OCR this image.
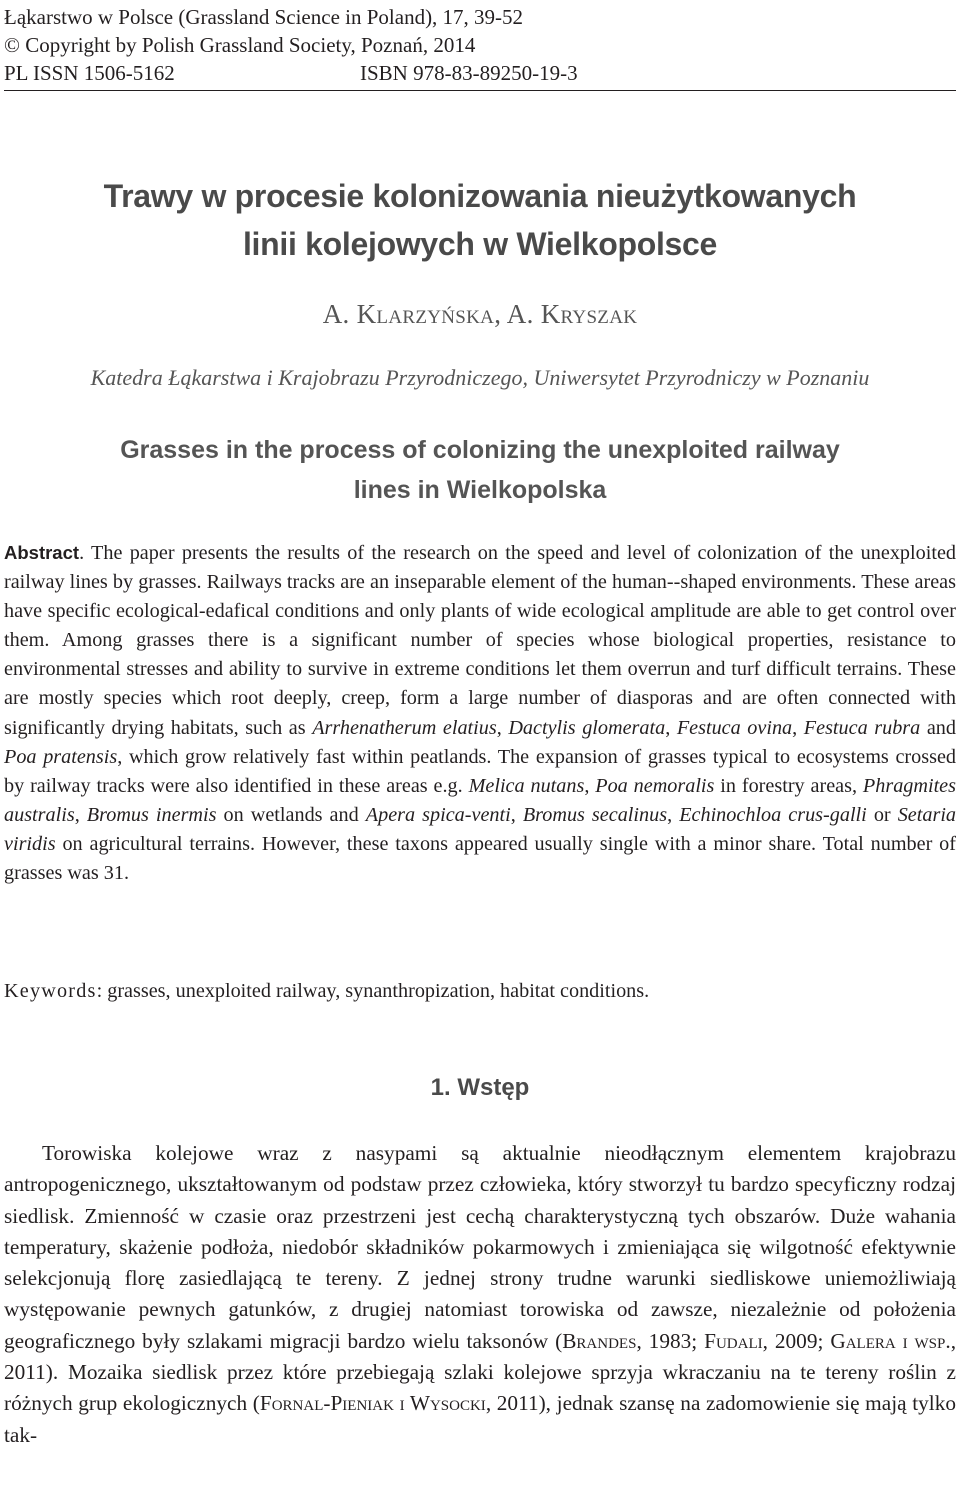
Łąkarstwo w Polsce (Grassland Science in Poland), 17, 39-52
© Copyright by Polish Grassland Society, Poznań, 2014
PL ISSN 1506-5162	ISBN 978-83-89250-19-3
Trawy w procesie kolonizowania nieużytkowanych
linii kolejowych w Wielkopolsce
A. Klarzyńska, A. Kryszak
Katedra Łąkarstwa i Krajobrazu Przyrodniczego, Uniwersytet Przyrodniczy w Poznaniu
Grasses in the process of colonizing the unexploited railway
lines in Wielkopolska
Abstract. The paper presents the results of the research on the speed and level of colonization of the unexploited railway lines by grasses. Railways tracks are an inseparable element of the human--shaped environments. These areas have specific ecological-edafical conditions and only plants of wide ecological amplitude are able to get control over them. Among grasses there is a significant number of species whose biological properties, resistance to environmental stresses and ability to survive in extreme conditions let them overrun and turf difficult terrains. These are mostly species which root deeply, creep, form a large number of diasporas and are often connected with significantly drying habitats, such as Arrhenatherum elatius, Dactylis glomerata, Festuca ovina, Festuca rubra and Poa pratensis, which grow relatively fast within peatlands. The expansion of grasses typical to ecosystems crossed by railway tracks were also identified in these areas e.g. Melica nutans, Poa nemoralis in forestry areas, Phragmites australis, Bromus inermis on wetlands and Apera spica-venti, Bromus secalinus, Echinochloa crus-galli or Setaria viridis on agricultural terrains. However, these taxons appeared usually single with a minor share. Total number of grasses was 31.
Keywords: grasses, unexploited railway, synanthropization, habitat conditions.
1. Wstęp
Torowiska kolejowe wraz z nasypami są aktualnie nieodłącznym elementem krajobrazu antropogenicznego, ukształtowanym od podstaw przez człowieka, który stworzył tu bardzo specyficzny rodzaj siedlisk. Zmienność w czasie oraz przestrzeni jest cechą charakterystyczną tych obszarów. Duże wahania temperatury, skażenie podłoża, niedobór składników pokarmowych i zmieniająca się wilgotność efektywnie selekcjonują florę zasiedlającą te tereny. Z jednej strony trudne warunki siedliskowe uniemożliwiają występowanie pewnych gatunków, z drugiej natomiast torowiska od zawsze, niezależnie od położenia geograficznego były szlakami migracji bardzo wielu taksonów (Brandes, 1983; Fudali, 2009; Galera i wsp., 2011). Mozaika siedlisk przez które przebiegają szlaki kolejowe sprzyja wkraczaniu na te tereny roślin z różnych grup ekologicznych (Fornal-Pieniak i Wysocki, 2011), jednak szansę na zadomowienie się mają tylko tak-
